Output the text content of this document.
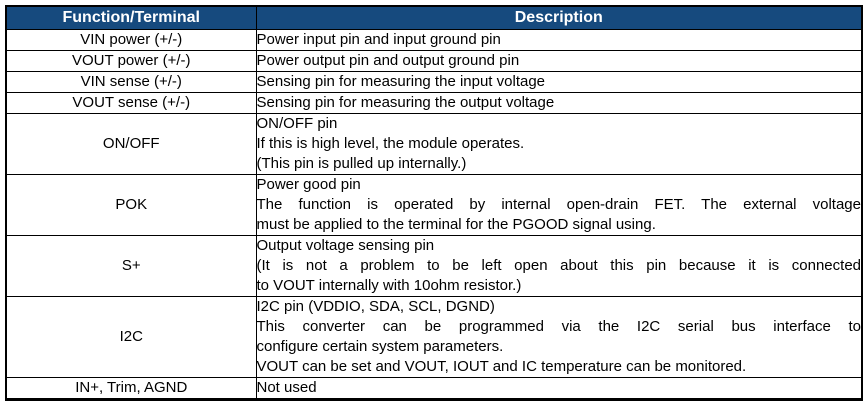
Function/Terminal	Description
VIN power (+/-)	Power input pin and input ground pin

VOUT power (+/-)	Power output pin and output ground pin

VIN sense (+/-)	Sensing pin for measuring the input voltage

VOUT sense (+/-)	Sensing pin for measuring the output voltage

ON/OFF	ON/OFF pin
If this is high level, the module operates.
(This pin is pulled up internally.)

POK	Power good pin
The function is operated by internal open-drain FET. The external voltage
must be applied to the terminal for the PGOOD signal using.

S+	Output voltage sensing pin
(It is not a problem to be left open about this pin because it is connected
to VOUT internally with 10ohm resistor.)

I2C	I2C pin (VDDIO, SDA, SCL, DGND)
This converter can be programmed via the I2C serial bus interface to
configure certain system parameters.
VOUT can be set and VOUT, IOUT and IC temperature can be monitored.

IN+, Trim, AGND	Not used
